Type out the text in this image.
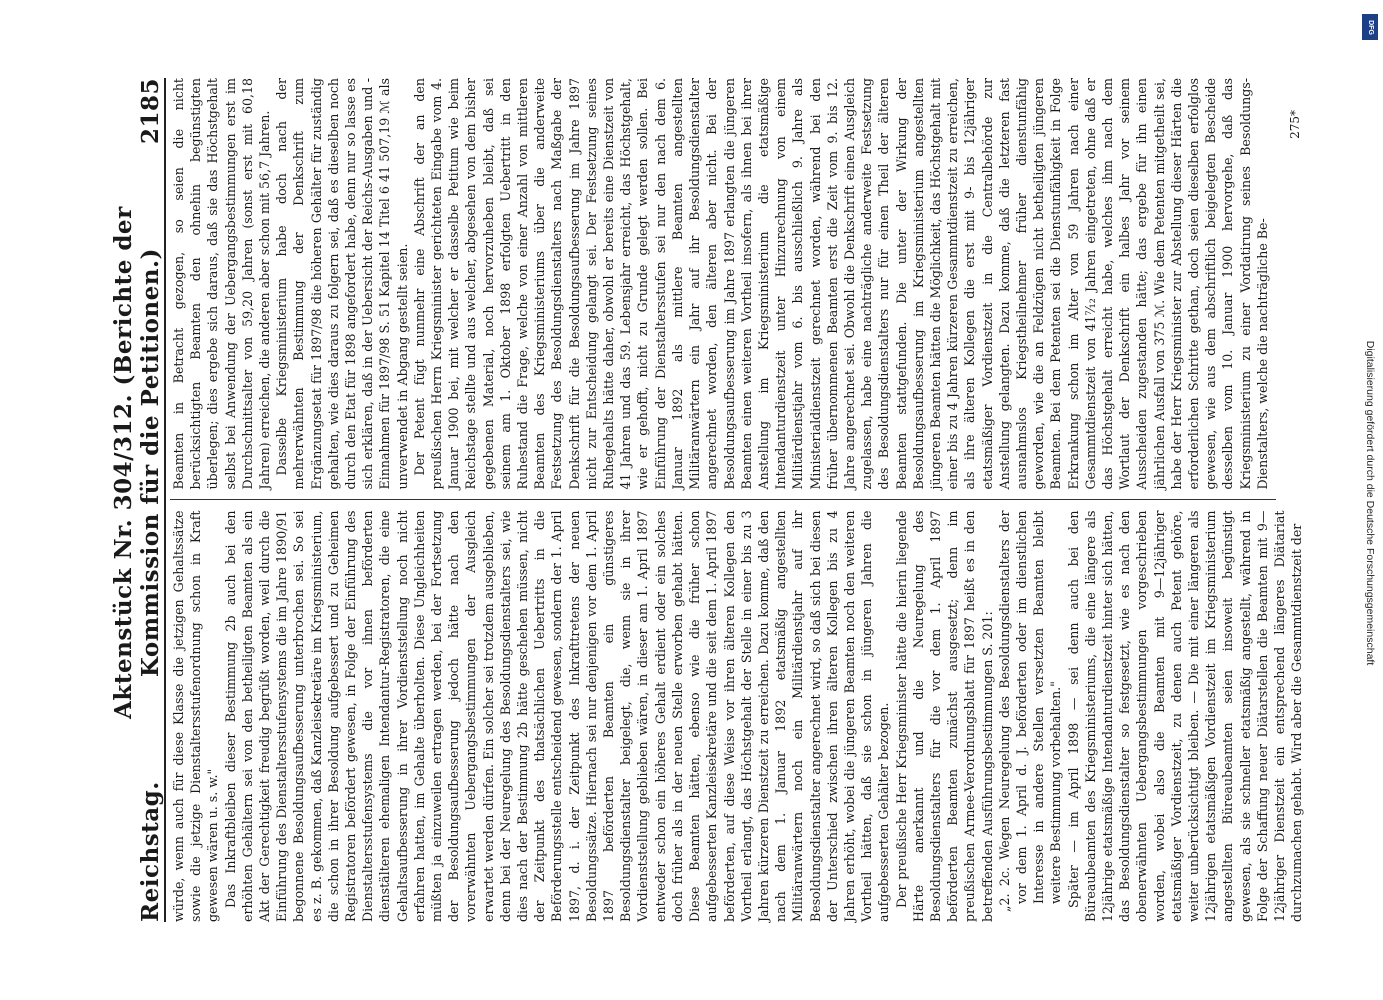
Reichstag.
Aktenstück Nr. 304/312. (Berichte der Kommission für die Petitionen.)
2185

würde, wenn auch für diese Klasse die jetzigen Gehaltssätze sowie die jetzige Dienstaltersstufenordnung schon in Kraft gewesen wären u. s. w." Das Inkraftbleiben dieser Bestimmung 2b auch bei den erhöhten Gehältern sei von den betheiligten Beamten als ein Akt der Gerechtigkeit freudig begrüßt worden, weil durch die Einführung des Dienstaltersstufensystems die im Jahre 1890/91 begonnene Besoldungsaufbesserung unterbrochen sei. So sei es z. B. gekommen, daß Kanzleisekretäre im Kriegsministerium, die schon in ihrer Besoldung aufgebessert und zu Geheimen Registratoren befördert gewesen, in Folge der Einführung des Dienstaltersstufensystems die vor ihnen beförderten dienstälteren ehemaligen Intendantur-Registratoren, die eine Gehaltsaufbesserung in ihrer Vordienststellung noch nicht erfahren hatten, im Gehalte überholten. Diese Ungleichheiten müßten ja einzuweilen ertragen werden, bei der Fortsetzung der Besoldungsaufbesserung jedoch hätte nach den vorerwähnten Uebergangsbestimmungen der Ausgleich erwartet werden dürfen. Ein solcher sei trotzdem ausgeblieben, denn bei der Neuregelung des Besoldungsdienstalters sei, wie dies nach der Bestimmung 2b hätte geschehen müssen, nicht der Zeitpunkt des thatsächlichen Uebertritts in die Beförderungsstelle entscheidend gewesen, sondern der 1. April 1897, d. i. der Zeitpunkt des Inkrafttretens der neuen Besoldungssätze. Hiernach sei nur denjenigen vor dem 1. April 1897 beförderten Beamten ein günstigeres Besoldungsdienstalter beigelegt, die, wenn sie in ihrer Vordienststellung geblieben wären, in dieser am 1. April 1897 entweder schon ein höheres Gehalt erdient oder ein solches doch früher als in der neuen Stelle erworben gehabt hätten. Diese Beamten hätten, ebenso wie die früher schon aufgebesserten Kanzleisekretäre und die seit dem 1. April 1897 beförderten, auf diese Weise vor ihren älteren Kollegen den Vortheil erlangt, das Höchstgehalt der Stelle in einer bis zu 3 Jahren kürzeren Dienstzeit zu erreichen. Dazu komme, daß den nach dem 1. Januar 1892 etatsmäßig angestellten Militäranwärtern noch ein Militärdienstjahr auf ihr Besoldungsdienstalter angerechnet wird, so daß sich bei diesen der Unterschied zwischen ihren älteren Kollegen bis zu 4 Jahren erhöht, wobei die jüngeren Beamten noch den weiteren Vortheil hätten, daß sie schon in jüngeren Jahren die aufgebesserten Gehälter bezogen. Der preußische Herr Kriegsminister hätte die hierin liegende Härte anerkannt und die Neuregelung des Besoldungsdienstalters für die vor dem 1. April 1897 beförderten Beamten zunächst ausgesetzt; denn im preußischen Armee-Verordnungsblatt für 1897 heißt es in den betreffenden Ausführungsbestimmungen S. 201: „2. 2c. Wegen Neuregelung des Besoldungsdienstalters der vor dem 1. April d. J. beförderten oder im dienstlichen Interesse in andere Stellen versetzten Beamten bleibt weitere Bestimmung vorbehalten." Später — im April 1898 — sei denn auch bei den Büreaubeamten des Kriegsministeriums, die eine längere als 12jährige etatsmäßige Intendanturdienstzeit hinter sich hätten, das Besoldungsdienstalter so festgesetzt, wie es nach den obenerwähnten Uebergangsbestimmungen vorgeschrieben worden, wobei also die Beamten mit 9—12jähriger etatsmäßiger Vordienstzeit, zu denen auch Petent gehöre, weiter unberücksichtigt bleiben. — Die mit einer längeren als 12jährigen etatsmäßigen Vordienstzeit im Kriegsministerium angestellten Büreaubeamten seien insoweit begünstigt gewesen, als sie schneller etatsmäßig angestellt, während in Folge der Schaffung neuer Diätarstellen die Beamten mit 9—12jähriger Dienstzeit ein entsprechend längeres Diätariat durchzumachen gehabt. Wird aber die Gesammtdienstzeit der

Beamten in Betracht gezogen, so seien die nicht berücksichtigten Beamten den ohnehin begünstigten überlegen; dies ergebe sich daraus, daß sie das Höchstgehalt selbst bei Anwendung der Uebergangsbestimmungen erst im Durchschnittsalter von 59,20 Jahren (sonst erst mit 60,18 Jahren) erreichen, die anderen aber schon mit 56,7 Jahren. Dasselbe Kriegsministerium habe doch nach der mehrerwähnten Bestimmung der Denkschrift zum Ergänzungsetat für 1897/98 die höheren Gehälter für zuständig gehalten, wie dies daraus zu folgern sei, daß es dieselben noch durch den Etat für 1898 angefordert habe, denn nur so lasse es sich erklären, daß in der Uebersicht der Reichs-Ausgaben und -Einnahmen für 1897/98 S. 51 Kapitel 14 Titel 6 41 507,19 ℳ als unverwendet in Abgang gestellt seien. Der Petent fügt nunmehr eine Abschrift der an den preußischen Herrn Kriegsminister gerichteten Eingabe vom 4. Januar 1900 bei, mit welcher er dasselbe Petitum wie beim Reichstage stellte und aus welcher, abgesehen von dem bisher gegebenen Material, noch hervorzuheben bleibt, daß sei seinem am 1. Oktober 1898 erfolgten Uebertritt in den Ruhestand die Frage, welche von einer Anzahl von mittleren Beamten des Kriegsministeriums über die anderweite Festsetzung des Besoldungsdienstalters nach Maßgabe der Denkschrift für die Besoldungsaufbesserung im Jahre 1897 nicht zur Entscheidung gelangt sei. Der Festsetzung seines Ruhegehalts hätte daher, obwohl er bereits eine Dienstzeit von 41 Jahren und das 59. Lebensjahr erreicht, das Höchstgehalt, wie er gehofft, nicht zu Grunde gelegt werden sollen. Bei Einführung der Dienstaltersstufen sei nur den nach dem 6. Januar 1892 als mittlere Beamten angestellten Militäranwärtern ein Jahr auf ihr Besoldungsdienstalter angerechnet worden, den älteren aber nicht. Bei der Besoldungsaufbesserung im Jahre 1897 erlangten die jüngeren Beamten einen weiteren Vortheil insofern, als ihnen bei ihrer Anstellung im Kriegsministerium die etatsmäßige Intendanturdienstzeit unter Hinzurechnung von einem Militärdienstjahr vom 6. bis ausschließlich 9. Jahre als Ministerialdienstzeit gerechnet worden, während bei den früher übernommenen Beamten erst die Zeit vom 9. bis 12. Jahre angerechnet sei. Obwohl die Denkschrift einen Ausgleich zugelassen, habe eine nachträgliche anderweite Festsetzung des Besoldungsdienstalters nur für einen Theil der älteren Beamten stattgefunden. Die unter der Wirkung der Besoldungsaufbesserung im Kriegsministerium angestellten jüngeren Beamten hätten die Möglichkeit, das Höchstgehalt mit einer bis zu 4 Jahren kürzeren Gesammtdienstzeit zu erreichen, als ihre älteren Kollegen die erst mit 9- bis 12jähriger etatsmäßiger Vordienstzeit in die Centralbehörde zur Anstellung gelangten. Dazu komme, daß die letzteren fast ausnahmslos Kriegstheilnehmer früher dienstunfähig geworden, wie die an Feldzügen nicht betheiligten jüngeren Beamten. Bei dem Petenten sei die Dienstunfähigkeit in Folge Erkrankung schon im Alter von 59 Jahren nach einer Gesammtdienstzeit von 41⁷⁄₁₂ Jahren eingetreten, ohne daß er das Höchstgehalt erreicht habe, welches ihm nach dem Wortlaut der Denkschrift ein halbes Jahr vor seinem Ausscheiden zugestanden hätte; das ergebe für ihn einen jährlichen Ausfall von 375 ℳ. Wie dem Petenten mitgetheilt sei, habe der Herr Kriegsminister zur Abstellung dieser Härten die erforderlichen Schritte gethan, doch seien dieselben erfolglos gewesen, wie aus dem abschriftlich beigelegten Bescheide desselben vom 10. Januar 1900 hervorgehe, daß das Kriegsministerium zu einer Vordatirung seines Besoldungs-Dienstalters, welche die nachträgliche Be-

275*
DFG
Digitalisierung gefördert durch die Deutsche Forschungsgemeinschaft
